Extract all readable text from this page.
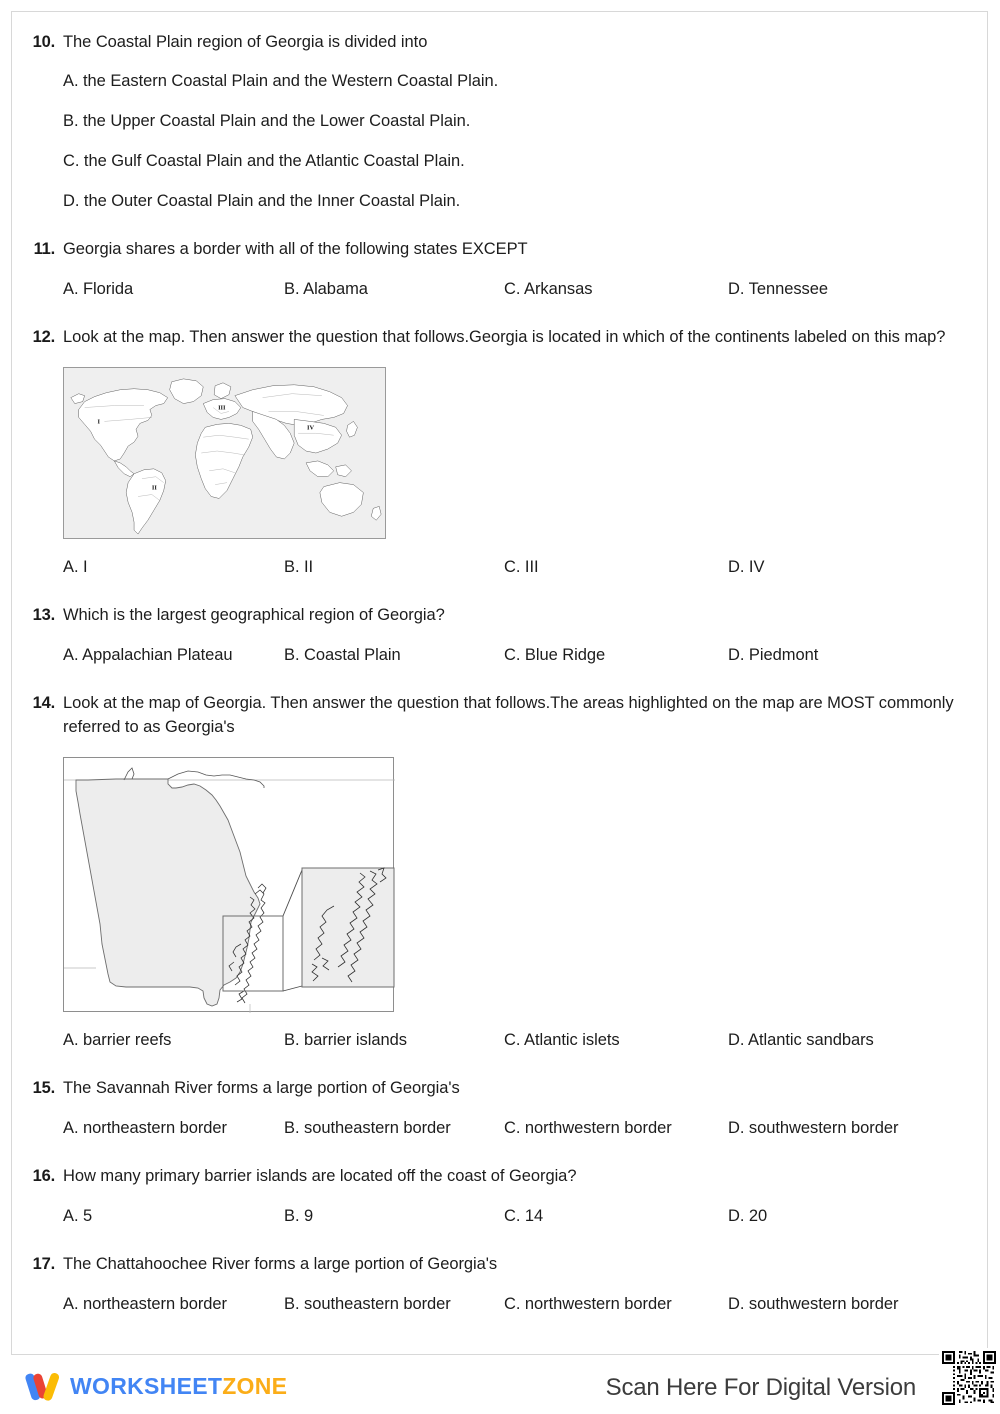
10. The Coastal Plain region of Georgia is divided into

A. the Eastern Coastal Plain and the Western Coastal Plain.
B. the Upper Coastal Plain and the Lower Coastal Plain.
C. the Gulf Coastal Plain and the Atlantic Coastal Plain.
D. the Outer Coastal Plain and the Inner Coastal Plain.
11. Georgia shares a border with all of the following states EXCEPT

A. Florida	B. Alabama	C. Arkansas	D. Tennessee
12. Look at the map. Then answer the question that follows.Georgia is located in which of the continents labeled on this map?

I
II
III
IV
A. I	B. II	C. III	D. IV
13. Which is the largest geographical region of Georgia?

A. Appalachian Plateau	B. Coastal Plain	C. Blue Ridge	D. Piedmont
14. Look at the map of Georgia. Then answer the question that follows.The areas highlighted on the map are MOST commonly referred to as Georgia's

A. barrier reefs	B. barrier islands	C. Atlantic islets	D. Atlantic sandbars
15. The Savannah River forms a large portion of Georgia's

A. northeastern border	B. southeastern border	C. northwestern border	D. southwestern border
16. How many primary barrier islands are located off the coast of Georgia?

A. 5	B. 9	C. 14	D. 20
17. The Chattahoochee River forms a large portion of Georgia's

A. northeastern border	B. southeastern border	C. northwestern border	D. southwestern border
WORKSHEETZONE	Scan Here For Digital Version
